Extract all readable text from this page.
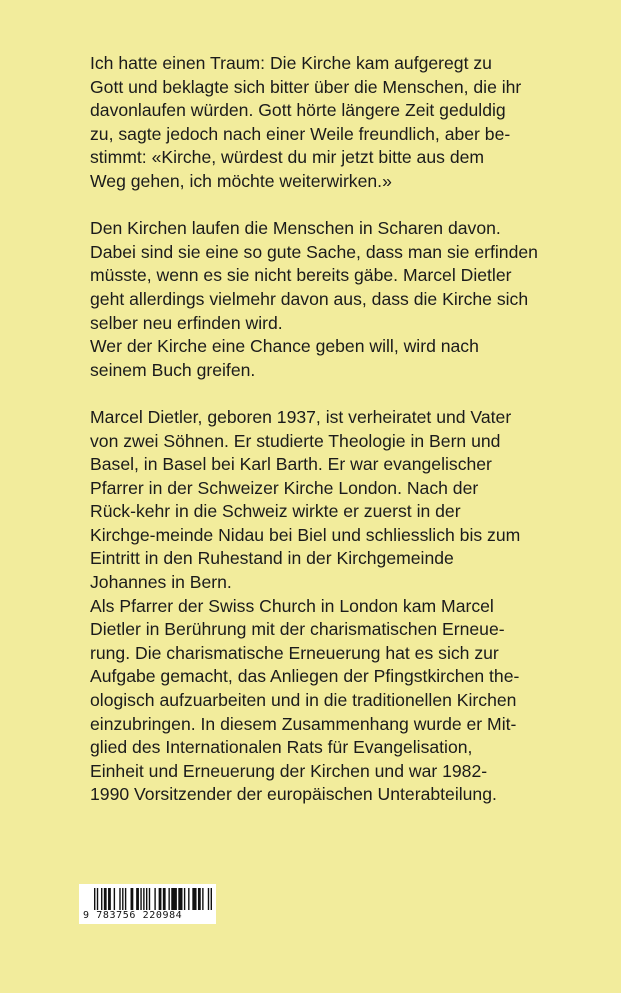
Ich hatte einen Traum: Die Kirche kam aufgeregt zu

Gott und beklagte sich bitter über die Menschen, die ihr

davonlaufen würden. Gott hörte längere Zeit geduldig

zu, sagte jedoch nach einer Weile freundlich, aber be-

stimmt: «Kirche, würdest du mir jetzt bitte aus dem

Weg gehen, ich möchte weiterwirken.»

Den Kirchen laufen die Menschen in Scharen davon.

Dabei sind sie eine so gute Sache, dass man sie erfinden

müsste, wenn es sie nicht bereits gäbe. Marcel Dietler

geht allerdings vielmehr davon aus, dass die Kirche sich

selber neu erfinden wird.

Wer der Kirche eine Chance geben will, wird nach

seinem Buch greifen.

Marcel Dietler, geboren 1937, ist verheiratet und Vater

von zwei Söhnen. Er studierte Theologie in Bern und

Basel, in Basel bei Karl Barth. Er war evangelischer

Pfarrer in der Schweizer Kirche London. Nach der

Rück-kehr in die Schweiz wirkte er zuerst in der

Kirchge-meinde Nidau bei Biel und schliesslich bis zum

Eintritt in den Ruhestand in der Kirchgemeinde

Johannes in Bern.

Als Pfarrer der Swiss Church in London kam Marcel

Dietler in Berührung mit der charismatischen Erneue-

rung. Die charismatische Erneuerung hat es sich zur

Aufgabe gemacht, das Anliegen der Pfingstkirchen the-

ologisch aufzuarbeiten und in die traditionellen Kirchen

einzubringen. In diesem Zusammenhang wurde er Mit-

glied des Internationalen Rats für Evangelisation,

Einheit und Erneuerung der Kirchen und war 1982-

1990 Vorsitzender der europäischen Unterabteilung.

9 783756 220984
